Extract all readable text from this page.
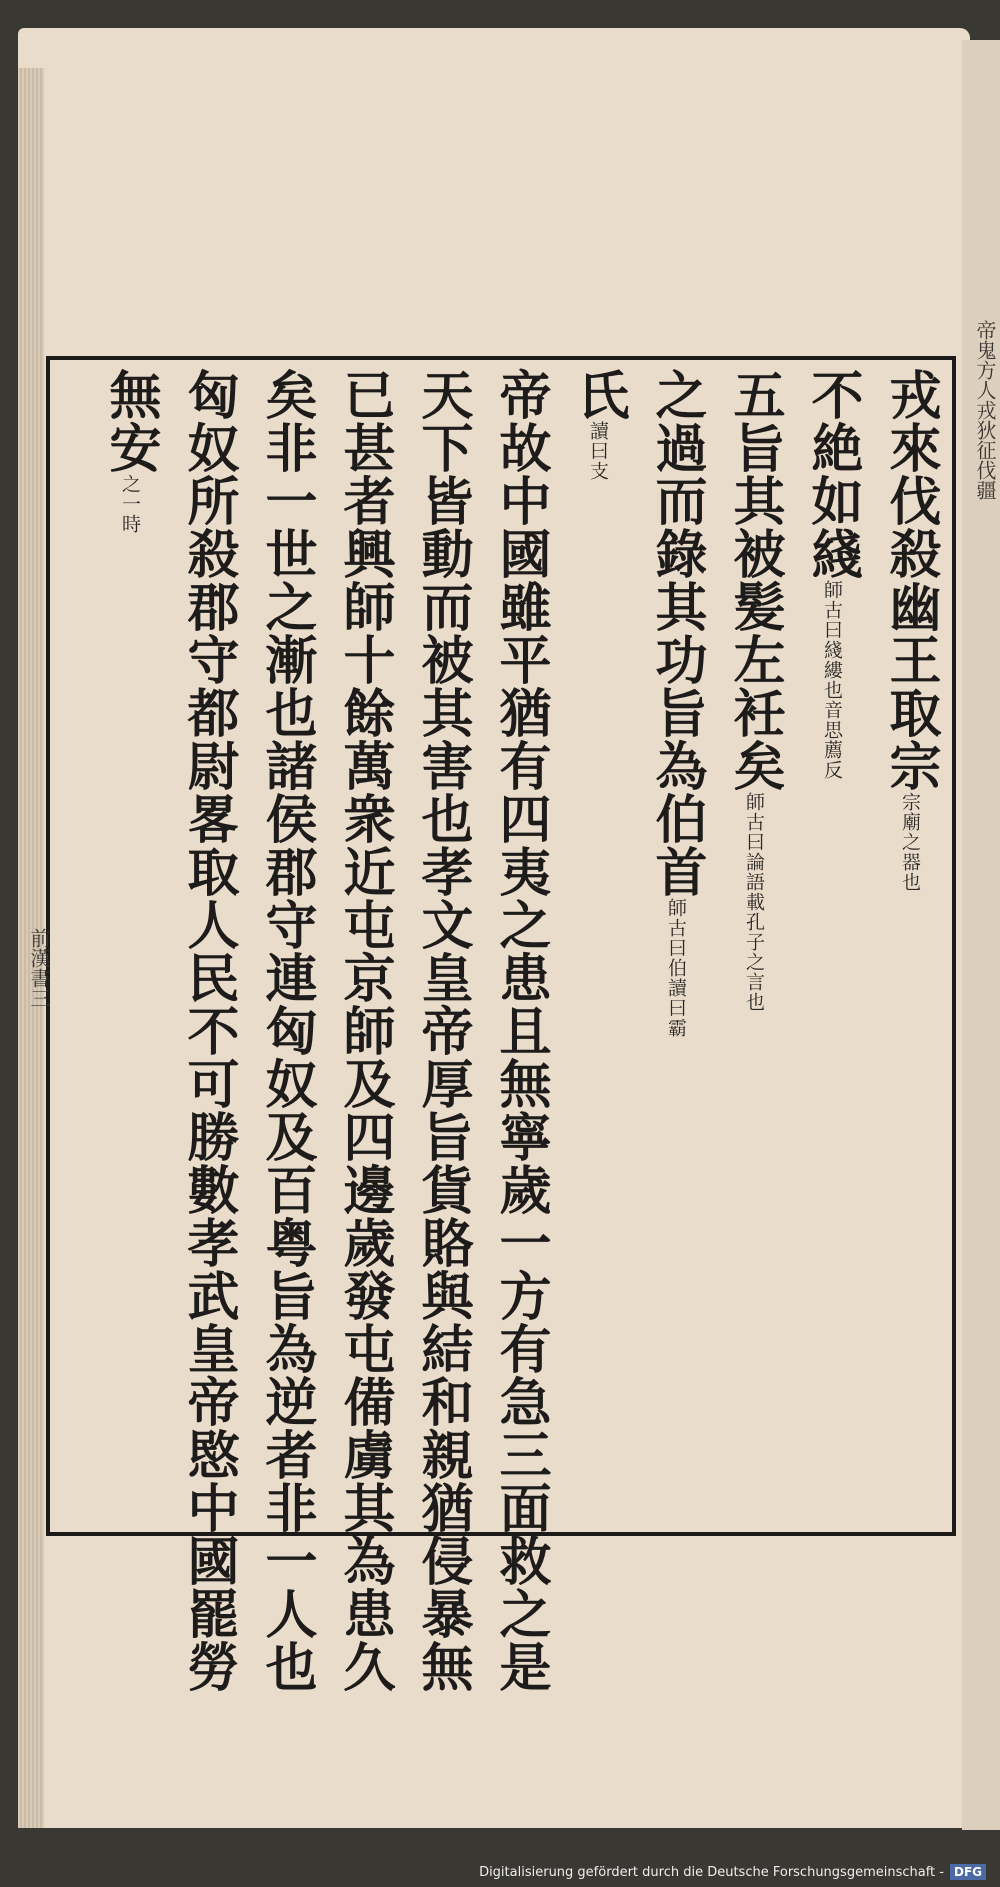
戎來伐殺幽王取宗宗廟之器也
不絶如綫師古曰綫縷也音思薦反
五旨其被髪左衽矣師古曰論語載孔子之言也
之過而錄其功旨為伯首師古曰伯讀曰霸
氏讀曰支
帝故中國雖平猶有四夷之患且無寧歲一方有急三面救之是
天下皆動而被其害也孝文皇帝厚旨貨賂與結和親猶侵暴無
已甚者興師十餘萬衆近屯京師及四邊歲發屯備虜其為患久
矣非一世之漸也諸侯郡守連匈奴及百粤旨為逆者非一人也
匈奴所殺郡守都尉畧取人民不可勝數孝武皇帝愍中國罷勞
無安之一時
前漢書三
帝鬼方人戎狄征伐疆
Digitalisierung gefördert durch die Deutsche Forschungsgemeinschaft - DFG
